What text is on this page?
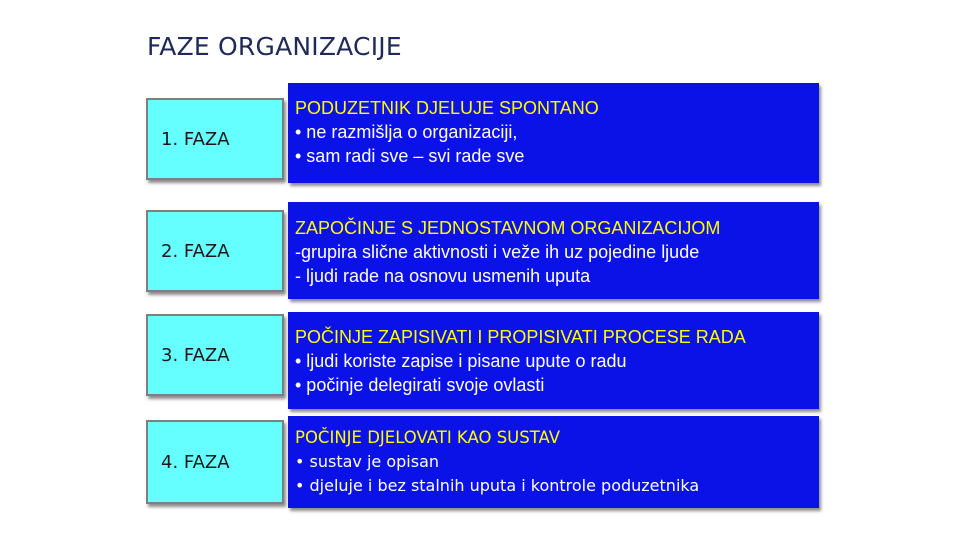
FAZE ORGANIZACIJE
1. FAZA
PODUZETNIK DJELUJE SPONTANO
• ne razmišlja o organizaciji,
• sam radi sve – svi rade sve
2. FAZA
ZAPOČINJE S JEDNOSTAVNOM ORGANIZACIJOM
-grupira slične aktivnosti i veže ih uz pojedine ljude
- ljudi rade na osnovu usmenih uputa
3. FAZA
POČINJE ZAPISIVATI I PROPISIVATI PROCESE RADA
• ljudi koriste zapise i pisane upute o radu
• počinje delegirati svoje ovlasti
4. FAZA
POČINJE DJELOVATI KAO SUSTAV
• sustav je opisan
• djeluje i bez stalnih uputa i kontrole poduzetnika
